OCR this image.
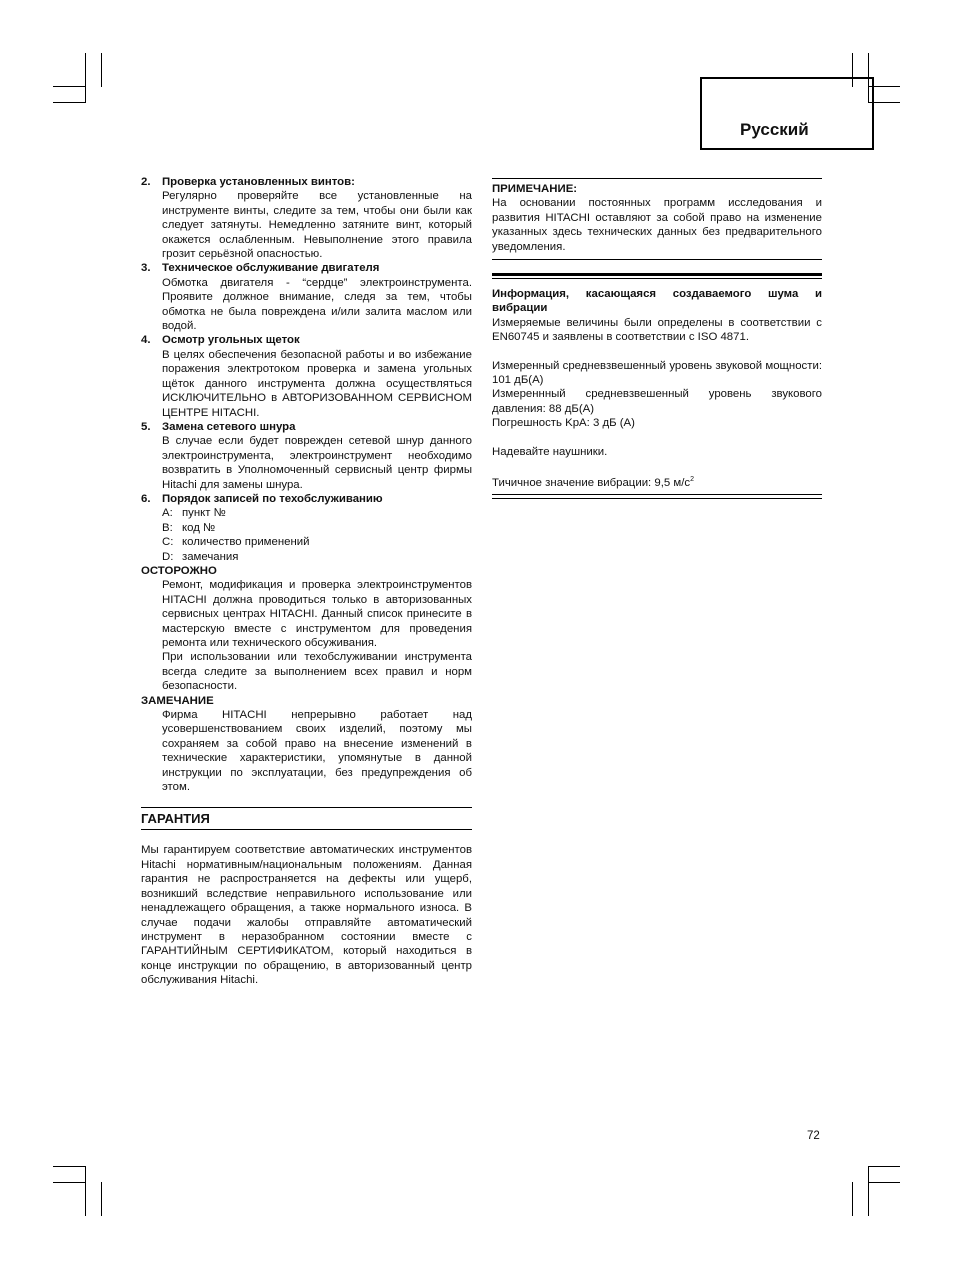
Русский
2.	Проверка установленных винтов:
Регулярно проверяйте все установленные на инструменте винты, следите за тем, чтобы они были как следует затянуты. Немедленно затяните винт, который окажется ослабленным. Невыполнение этого правила грозит серьёзной опасностью.
3.	Техническое обслуживание двигателя
Обмотка двигателя - “сердце” электроинструмента. Проявите должное внимание, следя за тем, чтобы обмотка не была повреждена и/или залита маслом или водой.
4.	Осмотр угольных щеток
В целях обеспечения безопасной работы и во избежание поражения электротоком проверка и замена угольных щёток данного инструмента должна осуществляться ИСКЛЮЧИТЕЛЬНО в АВТОРИЗОВАННОМ СЕРВИСНОМ ЦЕНТРЕ HITACHI.
5.	Замена сетевого шнура
В случае если будет поврежден сетевой шнур данного электроинструмента, электроинструмент необходимо возвратить в Уполномоченный сервисный центр фирмы Hitachi для замены шнура.
6.	Порядок записей по техобслуживанию
A: пункт №
B: код №
C: количество применений
D: замечания
ОСТОРОЖНО
Ремонт, модификация и проверка электроинструментов HITACHI должна проводиться только в авторизованных сервисных центрах HITACHI. Данный список принесите в мастерскую вместе с инструментом для проведения ремонта или технического обсуживания.
При использовании или техобслуживании инструмента всегда следите за выполнением всех правил и норм безопасности.
ЗАМЕЧАНИЕ
Фирма HITACHI непрерывно работает над усовершенствованием своих изделий, поэтому мы сохраняем за собой право на внесение изменений в технические характеристики, упомянутые в данной инструкции по эксплуатации, без предупреждения об этом.
ГАРАНТИЯ
Мы гарантируем соответствие автоматических инструментов Hitachi нормативным/национальным положениям. Данная гарантия не распространяется на дефекты или ущерб, возникший вследствие неправильного использование или ненадлежащего обращения, а также нормального износа. В случае подачи жалобы отправляйте автоматический инструмент в неразобранном состоянии вместе с ГАРАНТИЙНЫМ СЕРТИФИКАТОМ, который находиться в конце инструкции по обращению, в авторизованный центр обслуживания Hitachi.
ПРИМЕЧАНИЕ:
На основании постоянных программ исследования и развития HITACHI оставляют за собой право на изменение указанных здесь технических данных без предварительного уведомления.
Информация, касающаяся создаваемого шума и вибрации
Измеряемые величины были определены в соответствии с EN60745 и заявлены в соответствии с ISO 4871.
Измеренный средневзвешенный уровень звуковой мощности: 101 дБ(A)
Измереннный средневзвешенный уровень звукового давления: 88 дБ(A)
Погрешность KpA: 3 дБ (A)
Надевайте наушники.
Тичичное значение вибрации: 9,5 $м/с^2$
72
